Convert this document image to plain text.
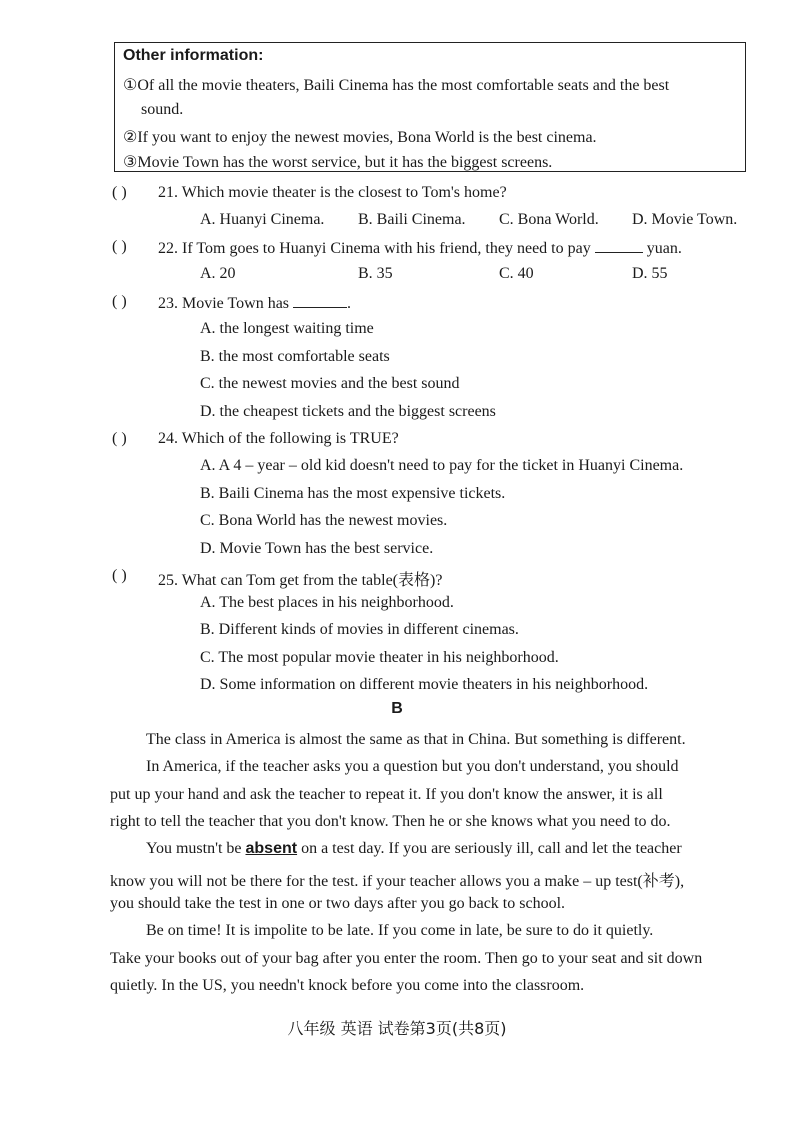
Other information:
①Of all the movie theaters, Baili Cinema has the most comfortable seats and the best
sound.
②If you want to enjoy the newest movies, Bona World is the best cinema.
③Movie Town has the worst service, but it has the biggest screens.
( ) 21. Which movie theater is the closest to Tom's home?
A. Huanyi Cinema. B. Baili Cinema. C. Bona World. D. Movie Town.
( ) 22. If Tom goes to Huanyi Cinema with his friend, they need to pay	yuan.
A. 20	B. 35	C. 40	D. 55
( ) 23. Movie Town has	.
A. the longest waiting time
B. the most comfortable seats
C. the newest movies and the best sound
D. the cheapest tickets and the biggest screens
( ) 24. Which of the following is TRUE?
A. A 4 – year – old kid doesn't need to pay for the ticket in Huanyi Cinema.
B. Baili Cinema has the most expensive tickets.
C. Bona World has the newest movies.
D. Movie Town has the best service.
( ) 25. What can Tom get from the table(表格)?
A. The best places in his neighborhood.
B. Different kinds of movies in different cinemas.
C. The most popular movie theater in his neighborhood.
D. Some information on different movie theaters in his neighborhood.
B
The class in America is almost the same as that in China. But something is different.
In America, if the teacher asks you a question but you don't understand, you should
put up your hand and ask the teacher to repeat it. If you don't know the answer, it is all
right to tell the teacher that you don't know. Then he or she knows what you need to do.
You mustn't be absent on a test day. If you are seriously ill, call and let the teacher
know you will not be there for the test. if your teacher allows you a make – up test(补考),
you should take the test in one or two days after you go back to school.
Be on time! It is impolite to be late. If you come in late, be sure to do it quietly.
Take your books out of your bag after you enter the room. Then go to your seat and sit down
quietly. In the US, you needn't knock before you come into the classroom.
八年级 英语 试卷第3页(共8页)
